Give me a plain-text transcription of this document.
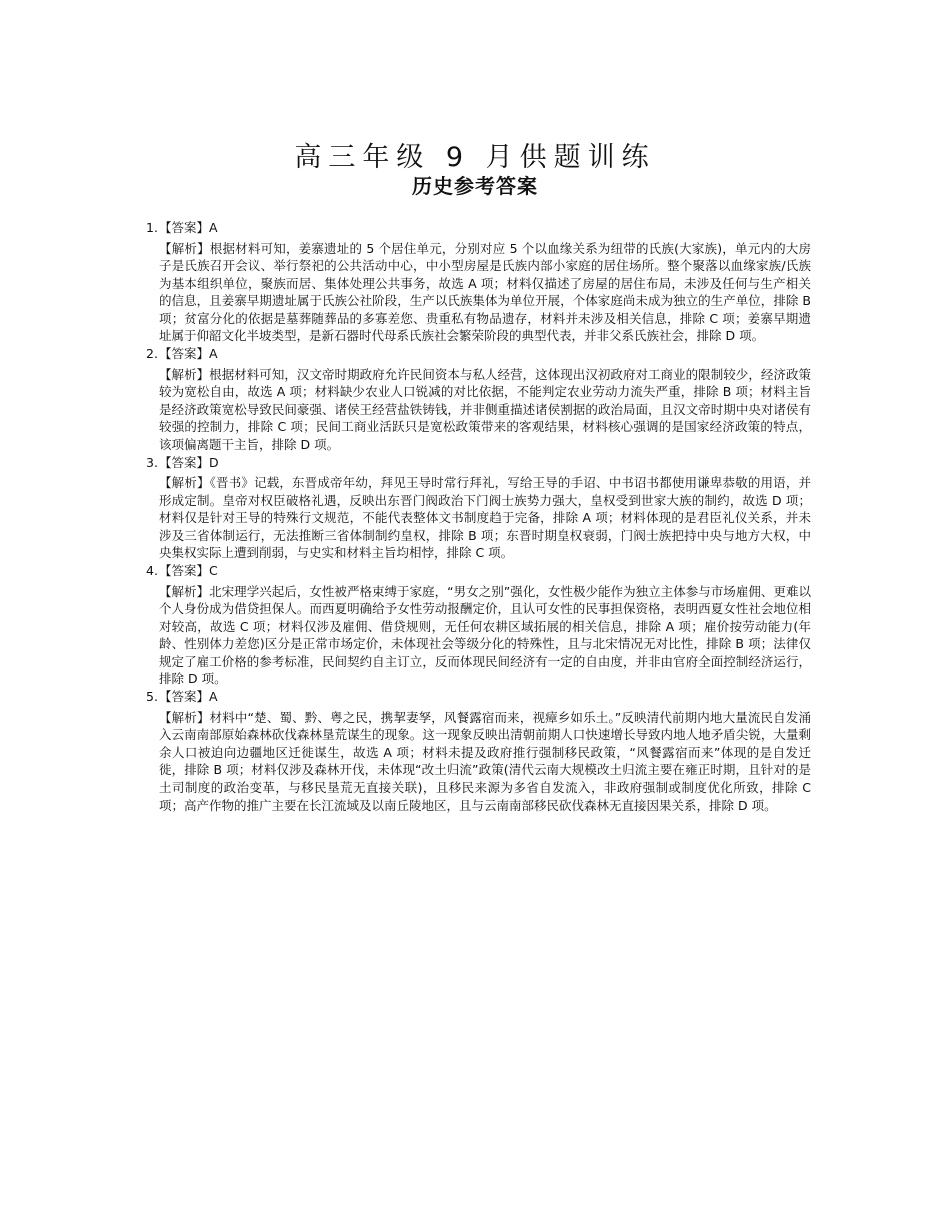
高三年级 9 月供题训练
历史参考答案
1.【答案】A

【解析】根据材料可知，姜寨遗址的 5 个居住单元，分别对应 5 个以血缘关系为纽带的氏族(大家族)，单元内的大房子是氏族召开会议、举行祭祀的公共活动中心，中小型房屋是氏族内部小家庭的居住场所。整个聚落以血缘家族/氏族为基本组织单位，聚族而居、集体处理公共事务，故选 A 项；材料仅描述了房屋的居住布局，未涉及任何与生产相关的信息，且姜寨早期遗址属于氏族公社阶段，生产以氏族集体为单位开展，个体家庭尚未成为独立的生产单位，排除 B 项；贫富分化的依据是墓葬随葬品的多寡差您、贵重私有物品遗存，材料并未涉及相关信息，排除 C 项；姜寨早期遗址属于仰韶文化半坡类型，是新石器时代母系氏族社会繁荣阶段的典型代表，并非父系氏族社会，排除 D 项。

2.【答案】A

【解析】根据材料可知，汉文帝时期政府允许民间资本与私人经营，这体现出汉初政府对工商业的限制较少，经济政策较为宽松自由，故选 A 项；材料缺少农业人口锐减的对比依据，不能判定农业劳动力流失严重，排除 B 项；材料主旨是经济政策宽松导致民间豪强、诸侯王经营盐铁铸钱，并非侧重描述诸侯割据的政治局面，且汉文帝时期中央对诸侯有较强的控制力，排除 C 项；民间工商业活跃只是宽松政策带来的客观结果，材料核心强调的是国家经济政策的特点，该项偏离题干主旨，排除 D 项。

3.【答案】D

【解析】《晋书》记载，东晋成帝年幼，拜见王导时常行拜礼，写给王导的手诏、中书诏书都使用谦卑恭敬的用语，并形成定制。皇帝对权臣破格礼遇，反映出东晋门阀政治下门阀士族势力强大，皇权受到世家大族的制约，故选 D 项；材料仅是针对王导的特殊行文规范，不能代表整体文书制度趋于完备，排除 A 项；材料体现的是君臣礼仪关系，并未涉及三省体制运行，无法推断三省体制制约皇权，排除 B 项；东晋时期皇权衰弱，门阀士族把持中央与地方大权，中央集权实际上遭到削弱，与史实和材料主旨均相悖，排除 C 项。

4.【答案】C

【解析】北宋理学兴起后，女性被严格束缚于家庭，“男女之别”强化，女性极少能作为独立主体参与市场雇佣、更难以个人身份成为借贷担保人。而西夏明确给予女性劳动报酬定价，且认可女性的民事担保资格，表明西夏女性社会地位相对较高，故选 C 项；材料仅涉及雇佣、借贷规则，无任何农耕区域拓展的相关信息，排除 A 项；雇价按劳动能力(年龄、性别体力差您)区分是正常市场定价，未体现社会等级分化的特殊性，且与北宋情况无对比性，排除 B 项；法律仅规定了雇工价格的参考标准，民间契约自主订立，反而体现民间经济有一定的自由度，并非由官府全面控制经济运行，排除 D 项。

5.【答案】A

【解析】材料中“楚、蜀、黔、粤之民，携挈妻孥，风餐露宿而来，视瘴乡如乐土。”反映清代前期内地大量流民自发涌入云南南部原始森林砍伐森林垦荒谋生的现象。这一现象反映出清朝前期人口快速增长导致内地人地矛盾尖锐，大量剩余人口被迫向边疆地区迁徙谋生，故选 A 项；材料未提及政府推行强制移民政策，“风餐露宿而来”体现的是自发迁徙，排除 B 项；材料仅涉及森林开伐，未体现“改土归流”政策(清代云南大规模改土归流主要在雍正时期，且针对的是土司制度的政治变革，与移民垦荒无直接关联)，且移民来源为多省自发流入，非政府强制或制度优化所致，排除 C 项；高产作物的推广主要在长江流域及以南丘陵地区，且与云南南部移民砍伐森林无直接因果关系，排除 D 项。
